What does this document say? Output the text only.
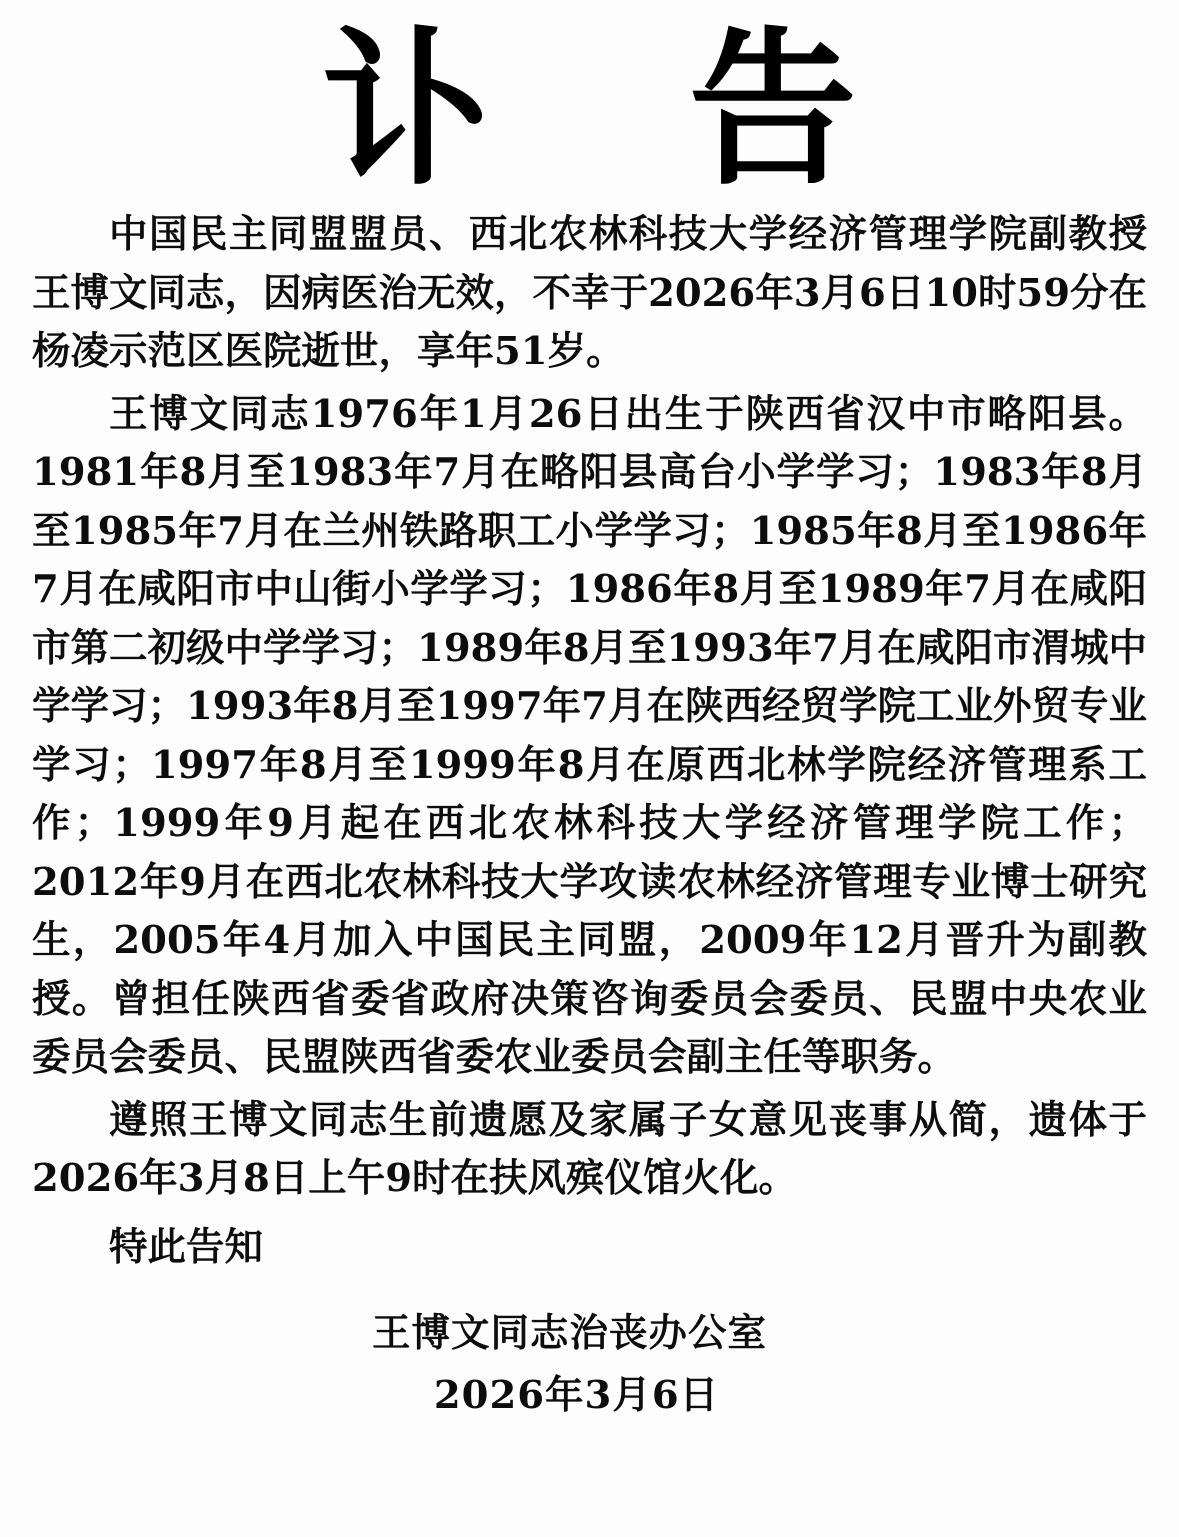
讣 告

中国民主同盟盟员、西北农林科技大学经济管理学院副教授王博文同志，因病医治无效，不幸于2026年3月6日10时59分在杨凌示范区医院逝世，享年51岁。

王博文同志1976年1月26日出生于陕西省汉中市略阳县。1981年8月至1983年7月在略阳县高台小学学习；1983年8月至1985年7月在兰州铁路职工小学学习；1985年8月至1986年7月在咸阳市中山街小学学习；1986年8月至1989年7月在咸阳市第二初级中学学习；1989年8月至1993年7月在咸阳市渭城中学学习；1993年8月至1997年7月在陕西经贸学院工业外贸专业学习；1997年8月至1999年8月在原西北林学院经济管理系工作；1999年9月起在西北农林科技大学经济管理学院工作；2012年9月在西北农林科技大学攻读农林经济管理专业博士研究生，2005年4月加入中国民主同盟，2009年12月晋升为副教授。曾担任陕西省委省政府决策咨询委员会委员、民盟中央农业委员会委员、民盟陕西省委农业委员会副主任等职务。

遵照王博文同志生前遗愿及家属子女意见丧事从简，遗体于2026年3月8日上午9时在扶风殡仪馆火化。

特此告知

王博文同志治丧办公室
2026年3月6日
